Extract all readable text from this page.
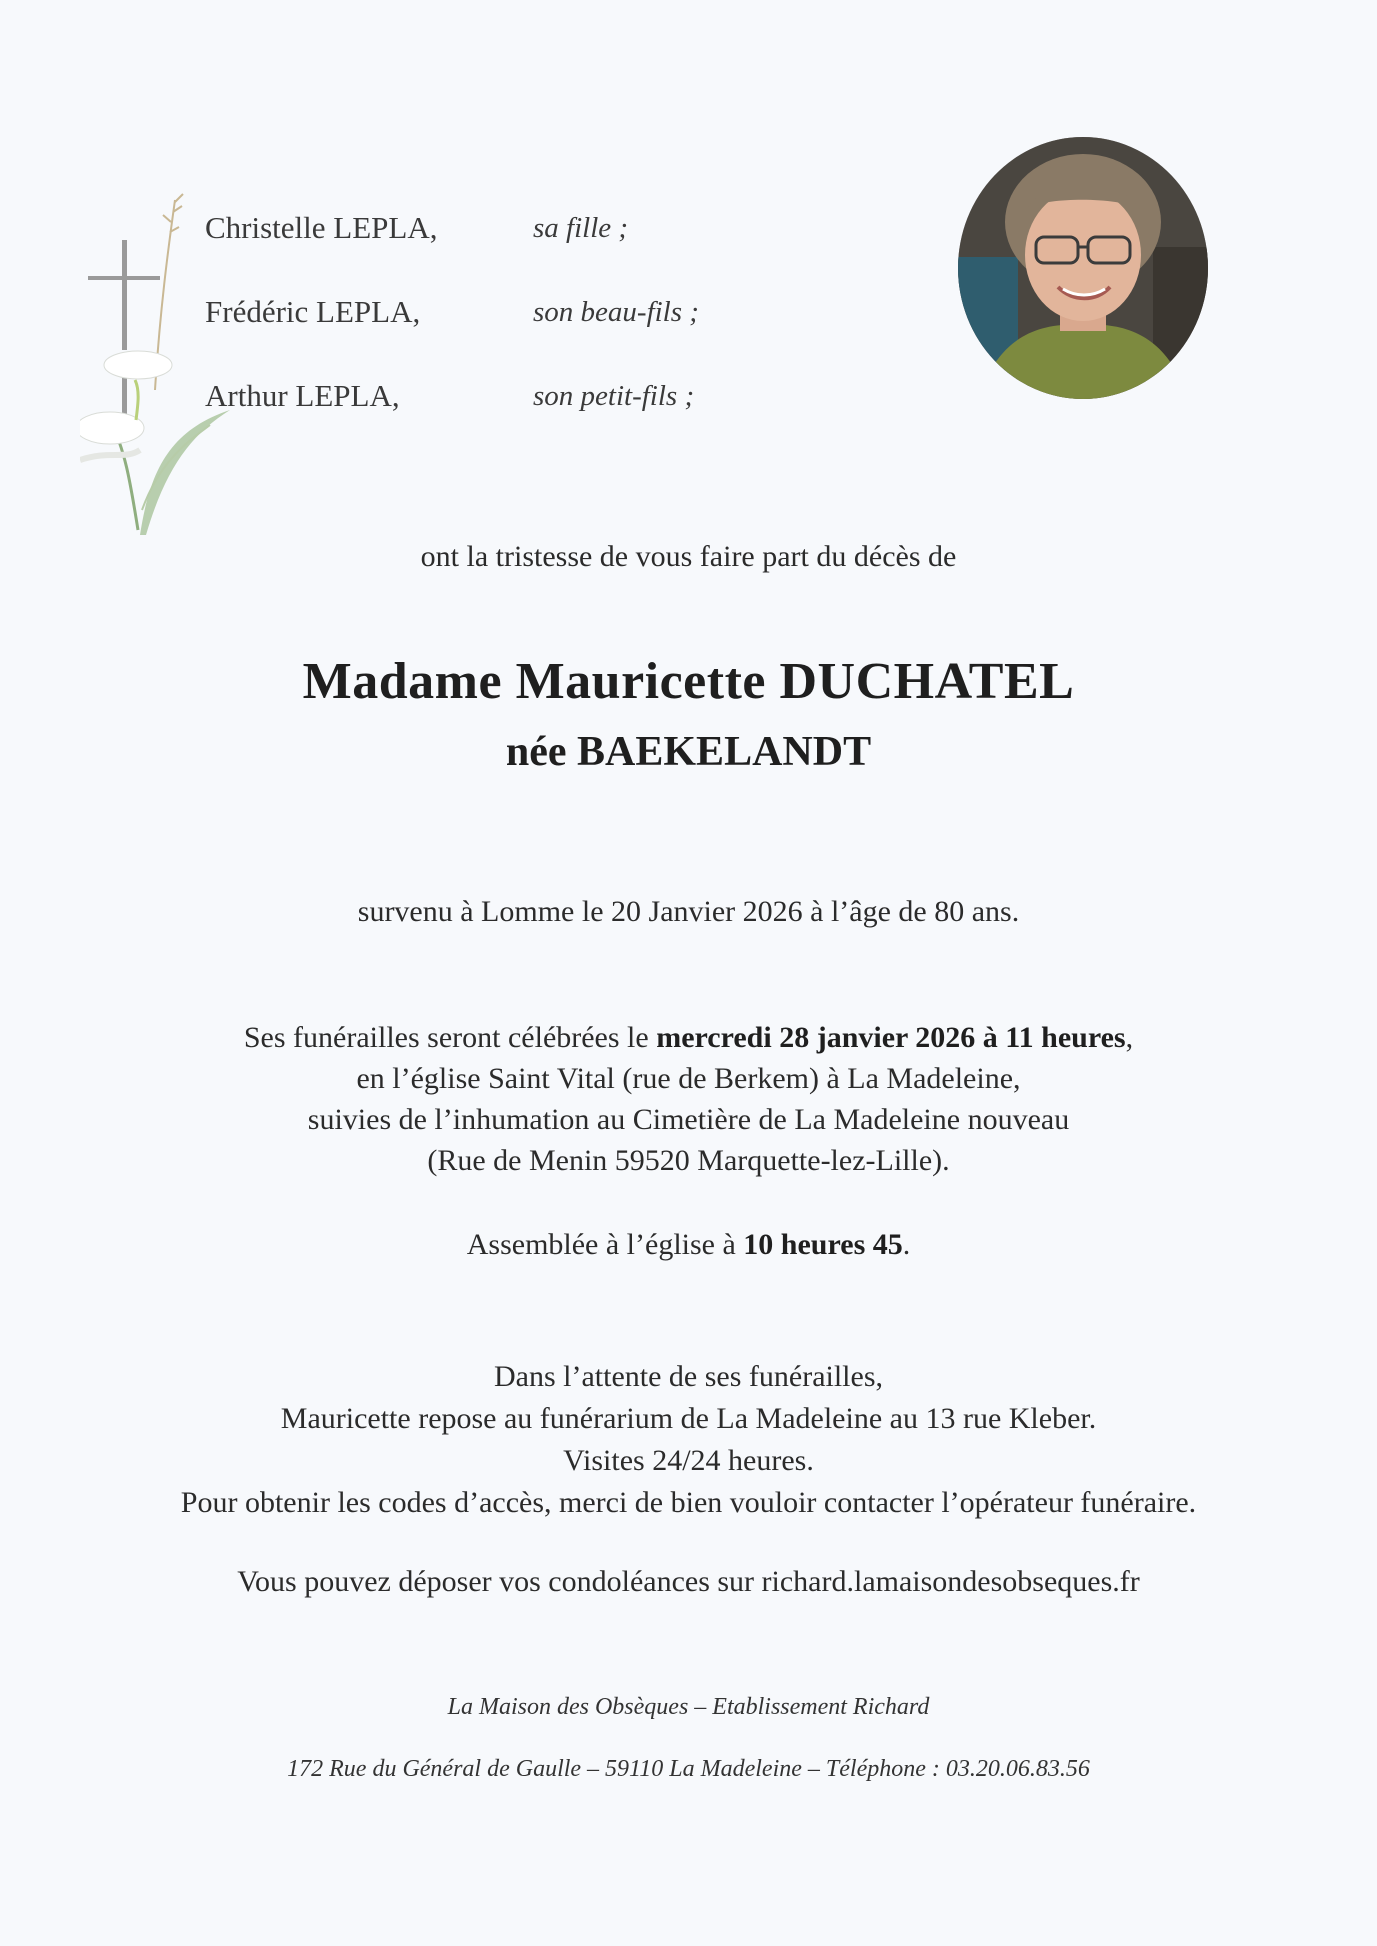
Christelle LEPLA,	sa fille ;
Frédéric LEPLA,	son beau-fils ;
Arthur LEPLA,	son petit-fils ;
ont la tristesse de vous faire part du décès de
Madame Mauricette DUCHATEL
née BAEKELANDT
survenu à Lomme le 20 Janvier 2026 à l’âge de 80 ans.
Ses funérailles seront célébrées le mercredi 28 janvier 2026 à 11 heures,
en l’église Saint Vital (rue de Berkem) à La Madeleine,
suivies de l’inhumation au Cimetière de La Madeleine nouveau
(Rue de Menin 59520 Marquette-lez-Lille).
Assemblée à l’église à 10 heures 45.
Dans l’attente de ses funérailles,
Mauricette repose au funérarium de La Madeleine au 13 rue Kleber.
Visites 24/24 heures.
Pour obtenir les codes d’accès, merci de bien vouloir contacter l’opérateur funéraire.
Vous pouvez déposer vos condoléances sur richard.lamaisondesobseques.fr
La Maison des Obsèques – Etablissement Richard
172 Rue du Général de Gaulle – 59110 La Madeleine – Téléphone : 03.20.06.83.56
